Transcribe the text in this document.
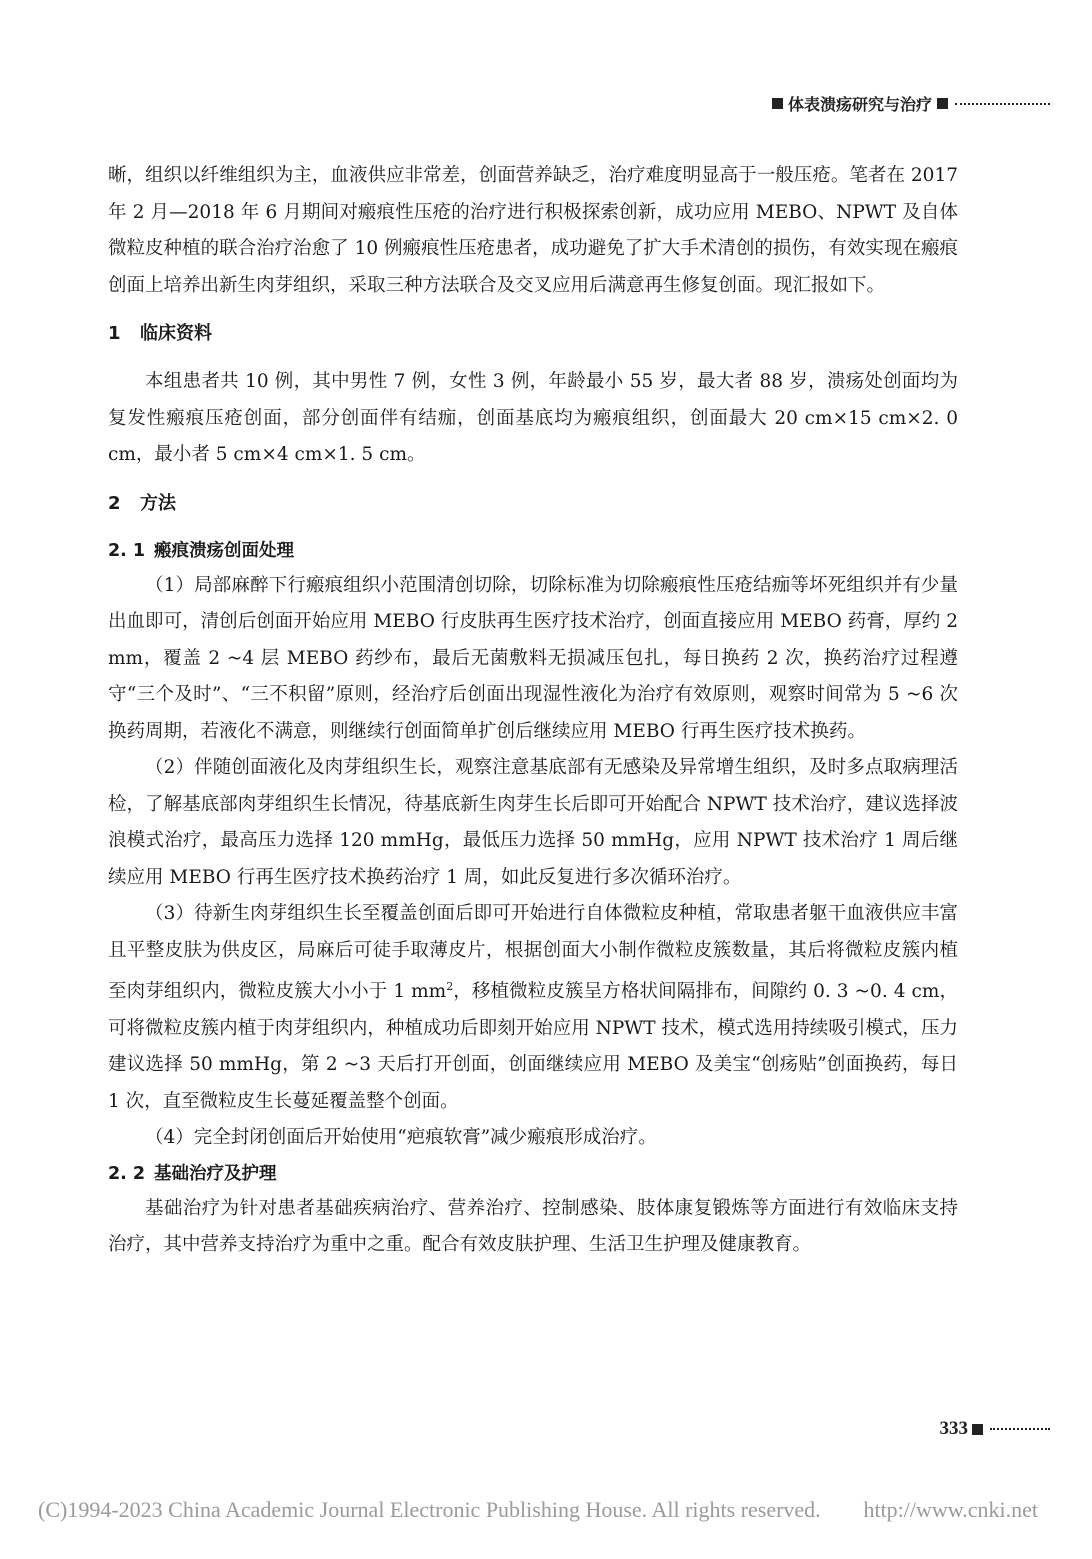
体表溃疡研究与治疗

晰，组织以纤维组织为主，血液供应非常差，创面营养缺乏，治疗难度明显高于一般压疮。笔者在 2017 年 2 月—2018 年 6 月期间对瘢痕性压疮的治疗进行积极探索创新，成功应用 MEBO、NPWT 及自体微粒皮种植的联合治疗治愈了 10 例瘢痕性压疮患者，成功避免了扩大手术清创的损伤，有效实现在瘢痕创面上培养出新生肉芽组织，采取三种方法联合及交叉应用后满意再生修复创面。现汇报如下。

1 临床资料

本组患者共 10 例，其中男性 7 例，女性 3 例，年龄最小 55 岁，最大者 88 岁，溃疡处创面均为复发性瘢痕压疮创面，部分创面伴有结痂，创面基底均为瘢痕组织，创面最大 20 cm×15 cm×2. 0 cm，最小者 5 cm×4 cm×1. 5 cm。

2 方法

2. 1 瘢痕溃疡创面处理

（1）局部麻醉下行瘢痕组织小范围清创切除，切除标准为切除瘢痕性压疮结痂等坏死组织并有少量出血即可，清创后创面开始应用 MEBO 行皮肤再生医疗技术治疗，创面直接应用 MEBO 药膏，厚约 2 mm，覆盖 2 ~4 层 MEBO 药纱布，最后无菌敷料无损减压包扎，每日换药 2 次，换药治疗过程遵守“三个及时”、“三不积留”原则，经治疗后创面出现湿性液化为治疗有效原则，观察时间常为 5 ~6 次换药周期，若液化不满意，则继续行创面简单扩创后继续应用 MEBO 行再生医疗技术换药。

（2）伴随创面液化及肉芽组织生长，观察注意基底部有无感染及异常增生组织，及时多点取病理活检，了解基底部肉芽组织生长情况，待基底新生肉芽生长后即可开始配合 NPWT 技术治疗，建议选择波浪模式治疗，最高压力选择 120 mmHg，最低压力选择 50 mmHg，应用 NPWT 技术治疗 1 周后继续应用 MEBO 行再生医疗技术换药治疗 1 周，如此反复进行多次循环治疗。

（3）待新生肉芽组织生长至覆盖创面后即可开始进行自体微粒皮种植，常取患者躯干血液供应丰富且平整皮肤为供皮区，局麻后可徒手取薄皮片，根据创面大小制作微粒皮簇数量，其后将微粒皮簇内植至肉芽组织内，微粒皮簇大小小于 1 $mm^2$，移植微粒皮簇呈方格状间隔排布，间隙约 0. 3 ~0. 4 cm，可将微粒皮簇内植于肉芽组织内，种植成功后即刻开始应用 NPWT 技术，模式选用持续吸引模式，压力建议选择 50 mmHg，第 2 ~3 天后打开创面，创面继续应用 MEBO 及美宝“创疡贴”创面换药，每日 1 次，直至微粒皮生长蔓延覆盖整个创面。

（4）完全封闭创面后开始使用“疤痕软膏”减少瘢痕形成治疗。

2. 2 基础治疗及护理

基础治疗为针对患者基础疾病治疗、营养治疗、控制感染、肢体康复锻炼等方面进行有效临床支持治疗，其中营养支持治疗为重中之重。配合有效皮肤护理、生活卫生护理及健康教育。

333
(C)1994-2023 China Academic Journal Electronic Publishing House. All rights reserved. http://www.cnki.net
